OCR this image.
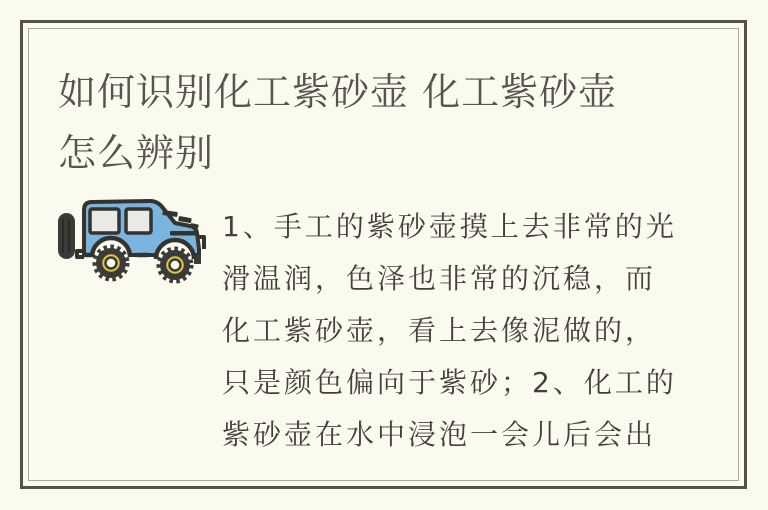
如何识别化工紫砂壶 化工紫砂壶怎么辨别
1、手工的紫砂壶摸上去非常的光
滑温润，色泽也非常的沉稳，而
化工紫砂壶，看上去像泥做的，
只是颜色偏向于紫砂；2、化工的
紫砂壶在水中浸泡一会儿后会出
